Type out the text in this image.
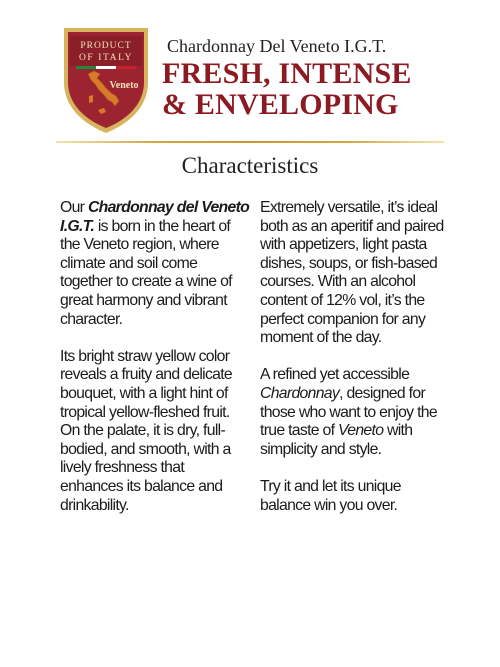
PRODUCT
OF ITALY
Veneto
Chardonnay Del Veneto I.G.T.
FRESH, INTENSE
& ENVELOPING
Characteristics

Our Chardonnay del Veneto I.G.T. is born in the heart of the Veneto region, where climate and soil come together to create a wine of great harmony and vibrant character.

Its bright straw yellow color reveals a fruity and delicate bouquet, with a light hint of tropical yellow-fleshed fruit. On the palate, it is dry, full-bodied, and smooth, with a lively freshness that enhances its balance and drinkability.

Extremely versatile, it’s ideal both as an aperitif and paired with appetizers, light pasta dishes, soups, or fish-based courses. With an alcohol content of 12% vol, it’s the perfect companion for any moment of the day.

A refined yet accessible Chardonnay, designed for those who want to enjoy the true taste of Veneto with simplicity and style.

Try it and let its unique balance win you over.
